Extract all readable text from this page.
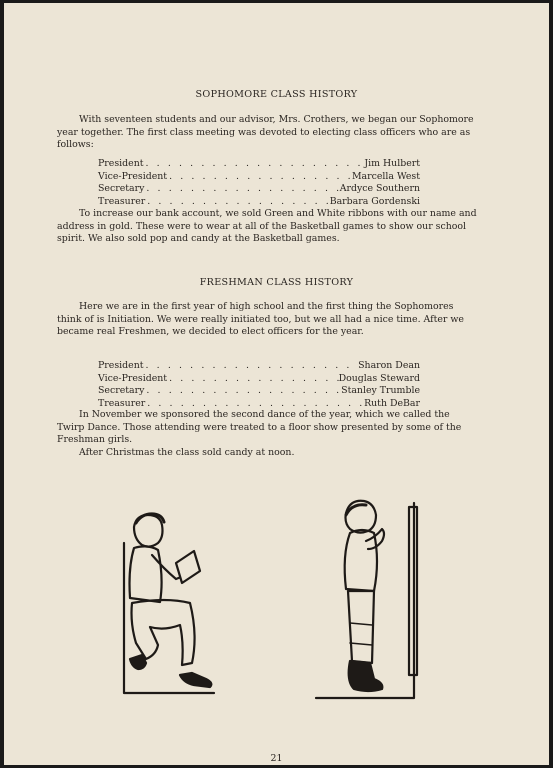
SOPHOMORE CLASS HISTORY

With seventeen students and our advisor, Mrs. Crothers, we began our Sophomore year together. The first class meeting was devoted to electing class officers who are as follows:

President . . .	Jim Hulbert
Vice-President . . .	Marcella West
Secretary . . .	Ardyce Southern
Treasurer . . .	Barbara Gordenski

To increase our bank account, we sold Green and White ribbons with our name and address in gold. These were to wear at all of the Basketball games to show our school spirit. We also sold pop and candy at the Basketball games.

FRESHMAN CLASS HISTORY

Here we are in the first year of high school and the first thing the Sophomores think of is Initiation. We were really initiated too, but we all had a nice time. After we became real Freshmen, we decided to elect officers for the year.

President . . .	Sharon Dean
Vice-President . . .	Douglas Steward
Secretary . . .	Stanley Trumble
Treasurer . . .	Ruth DeBar

In November we sponsored the second dance of the year, which we called the Twirp Dance. Those attending were treated to a floor show presented by some of the Freshman girls.

After Christmas the class sold candy at noon.

21
